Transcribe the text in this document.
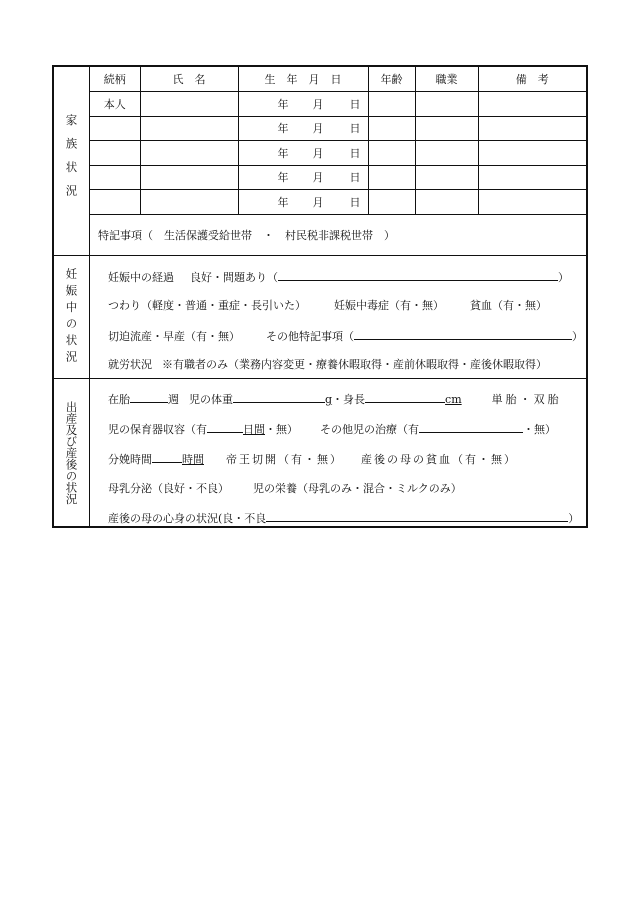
家族状況
続柄	氏　名	生　年　月　日	年齢	職業	備　考
本人		年 月 日			
		年 月 日			
		年 月 日			
		年 月 日			
		年 月 日			
特記事項（　生活保護受給世帯　・　村民税非課税世帯　）
妊娠中の状況	妊娠中の経過 良好・問題あり（	）
つわり（軽度・普通・重症・長引いた）	妊娠中毒症（有・無） 貧血（有・無）
切迫流産・早産（有・無） その他特記事項（	）
就労状況 ※有職者のみ（業務内容変更・療養休暇取得・産前休暇取得・産後休暇取得）
出産及び産後の状況
在胎	週 児の体重	g・身長	cm	単胎・双胎
児の保育器収容（有	日間・無） その他児の治療（有	・無）
分娩時間	時間 帝王切開（有・無） 産後の母の貧血（有・無）
母乳分泌（良好・不良） 児の栄養（母乳のみ・混合・ミルクのみ）
産後の母の心身の状況(良・不良	）
